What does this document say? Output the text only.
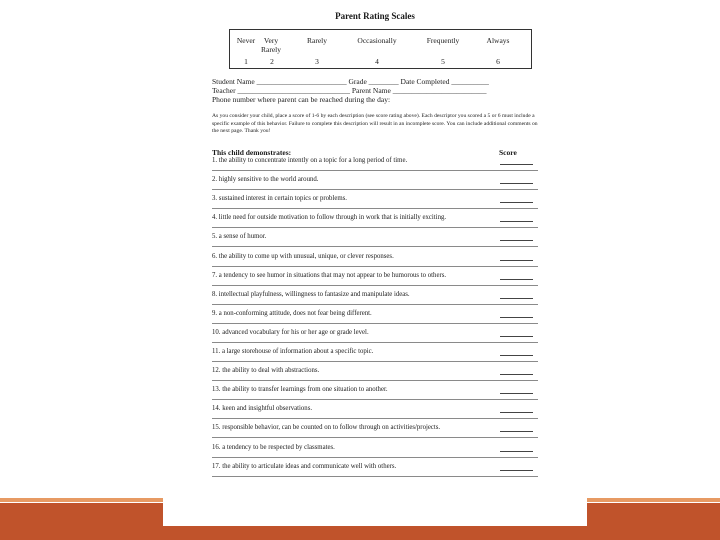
Parent Rating Scales
Never	Very Rarely
Rarely	Occasionally	Frequently	Always
1	2	3	4	5	6
Student Name ________________________ Grade ________ Date Completed __________
Teacher ______________________________ Parent Name _________________________
Phone number where parent can be reached during the day:
As you consider your child, place a score of 1-6 by each description (see score rating above). Each descriptor you scored a 5 or 6 must include a specific example of this behavior. Failure to complete this description will result in an incomplete score. You can include additional comments on the next page. Thank you!
This child demonstrates:	Score
1. the ability to concentrate intently on a topic for a long period of time.
2. highly sensitive to the world around.
3. sustained interest in certain topics or problems.
4. little need for outside motivation to follow through in work that is initially exciting.
5. a sense of humor.
6. the ability to come up with unusual, unique, or clever responses.
7. a tendency to see humor in situations that may not appear to be humorous to others.
8. intellectual playfulness, willingness to fantasize and manipulate ideas.
9. a non-conforming attitude, does not fear being different.
10. advanced vocabulary for his or her age or grade level.
11. a large storehouse of information about a specific topic.
12. the ability to deal with abstractions.
13. the ability to transfer learnings from one situation to another.
14. keen and insightful observations.
15. responsible behavior, can be counted on to follow through on activities/projects.
16. a tendency to be respected by classmates.
17. the ability to articulate ideas and communicate well with others.
